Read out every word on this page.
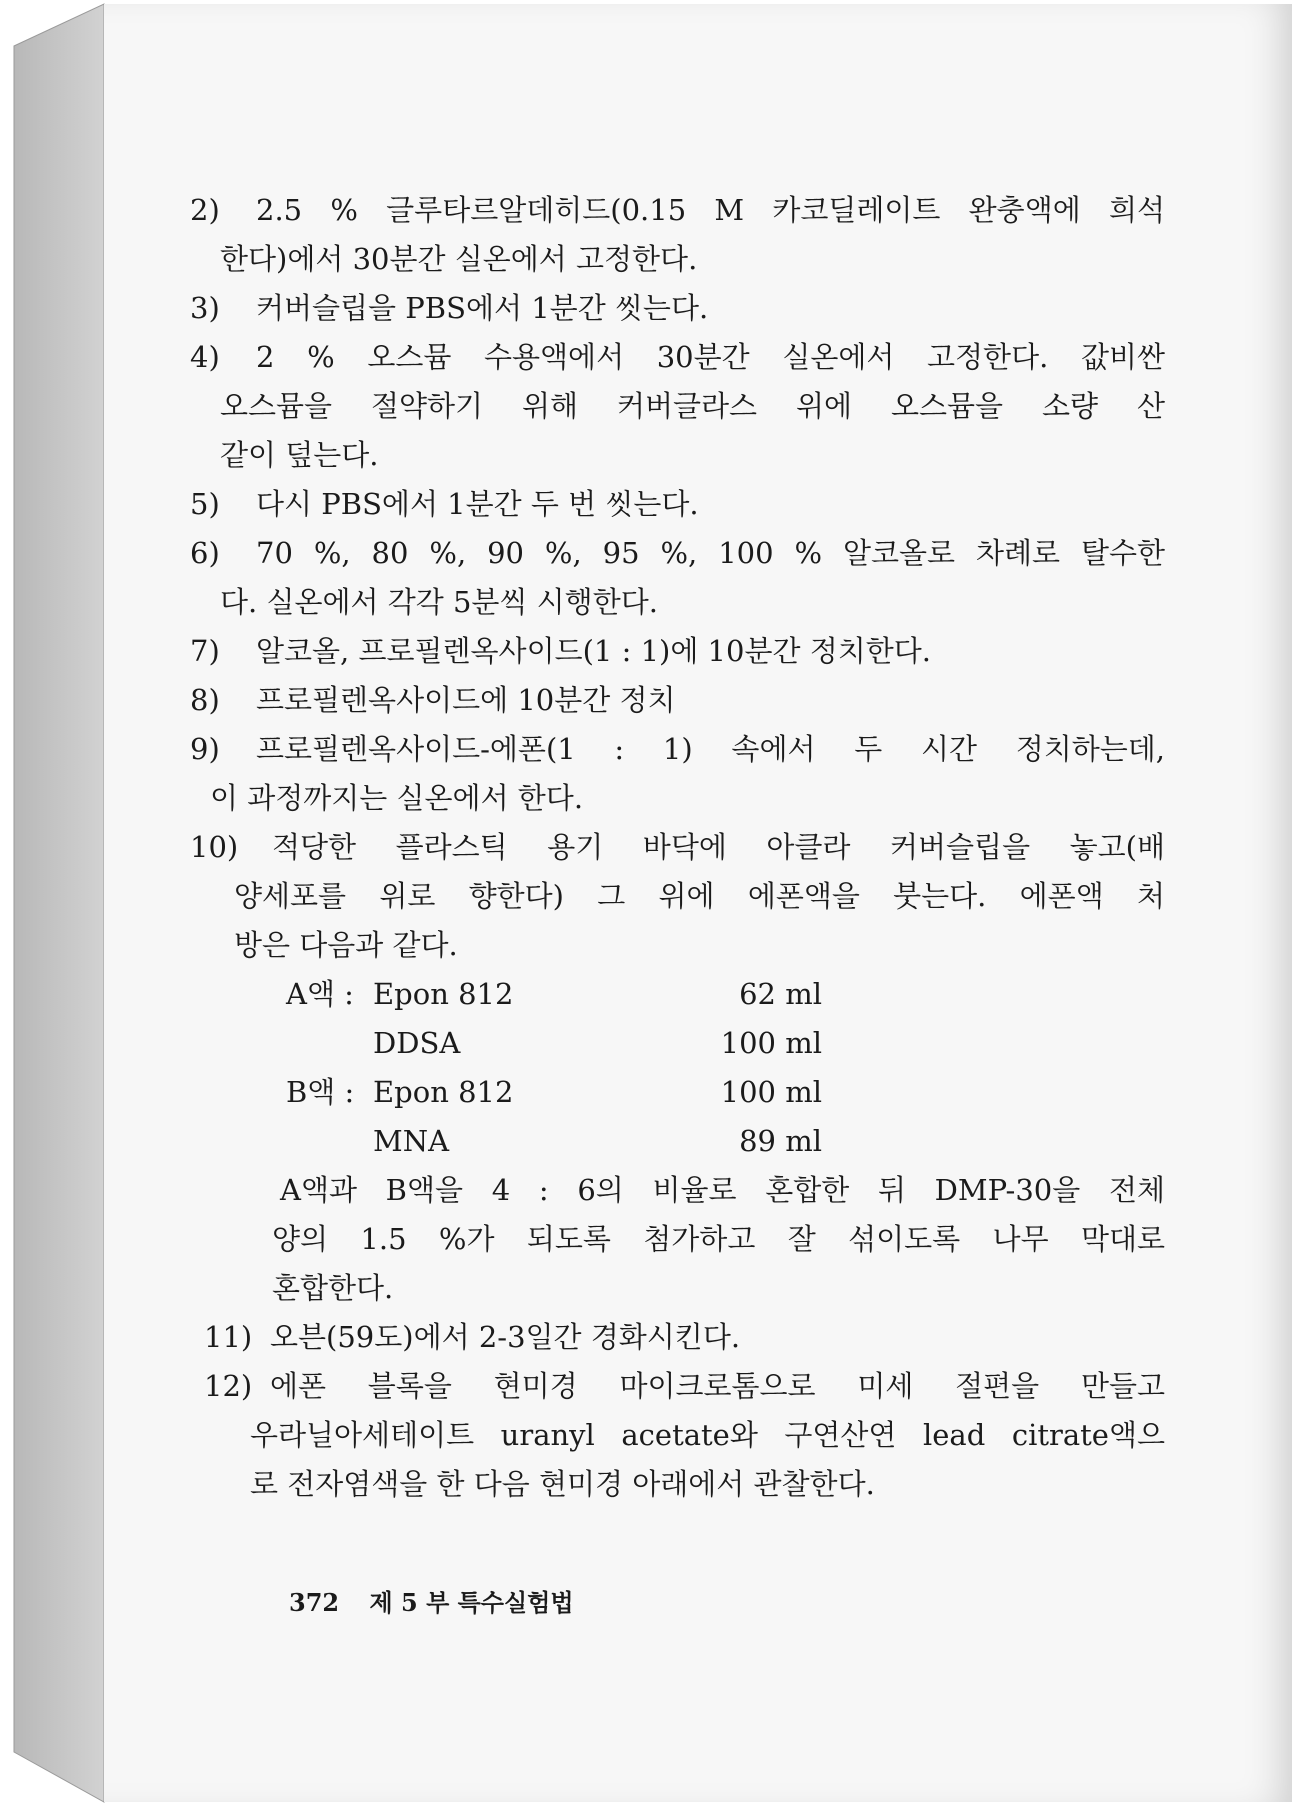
2) 2.5 % 글루타르알데히드(0.15 M 카코딜레이트 완충액에 희석
한다)에서 30분간 실온에서 고정한다.
3) 커버슬립을 PBS에서 1분간 씻는다.
4) 2 % 오스뮴 수용액에서 30분간 실온에서 고정한다. 값비싼
오스뮴을 절약하기 위해 커버글라스 위에 오스뮴을 소량 산
같이 덮는다.
5) 다시 PBS에서 1분간 두 번 씻는다.
6) 70 %, 80 %, 90 %, 95 %, 100 % 알코올로 차례로 탈수한
다. 실온에서 각각 5분씩 시행한다.
7) 알코올, 프로필렌옥사이드(1 : 1)에 10분간 정치한다.
8) 프로필렌옥사이드에 10분간 정치
9) 프로필렌옥사이드-에폰(1 : 1) 속에서 두 시간 정치하는데,
이 과정까지는 실온에서 한다.
10) 적당한 플라스틱 용기 바닥에 아클라 커버슬립을 놓고(배
양세포를 위로 향한다) 그 위에 에폰액을 붓는다. 에폰액 처
방은 다음과 같다.
A액 : Epon 812	62 ml
DDSA	100 ml
B액 : Epon 812	100 ml
MNA	89 ml
A액과 B액을 4 : 6의 비율로 혼합한 뒤 DMP-30을 전체
양의 1.5 %가 되도록 첨가하고 잘 섞이도록 나무 막대로
혼합한다.
11) 오븐(59도)에서 2-3일간 경화시킨다.
12) 에폰 블록을 현미경 마이크로톰으로 미세 절편을 만들고
우라닐아세테이트 uranyl acetate와 구연산연 lead citrate액으
로 전자염색을 한 다음 현미경 아래에서 관찰한다.
372 제 5 부 특수실험법
